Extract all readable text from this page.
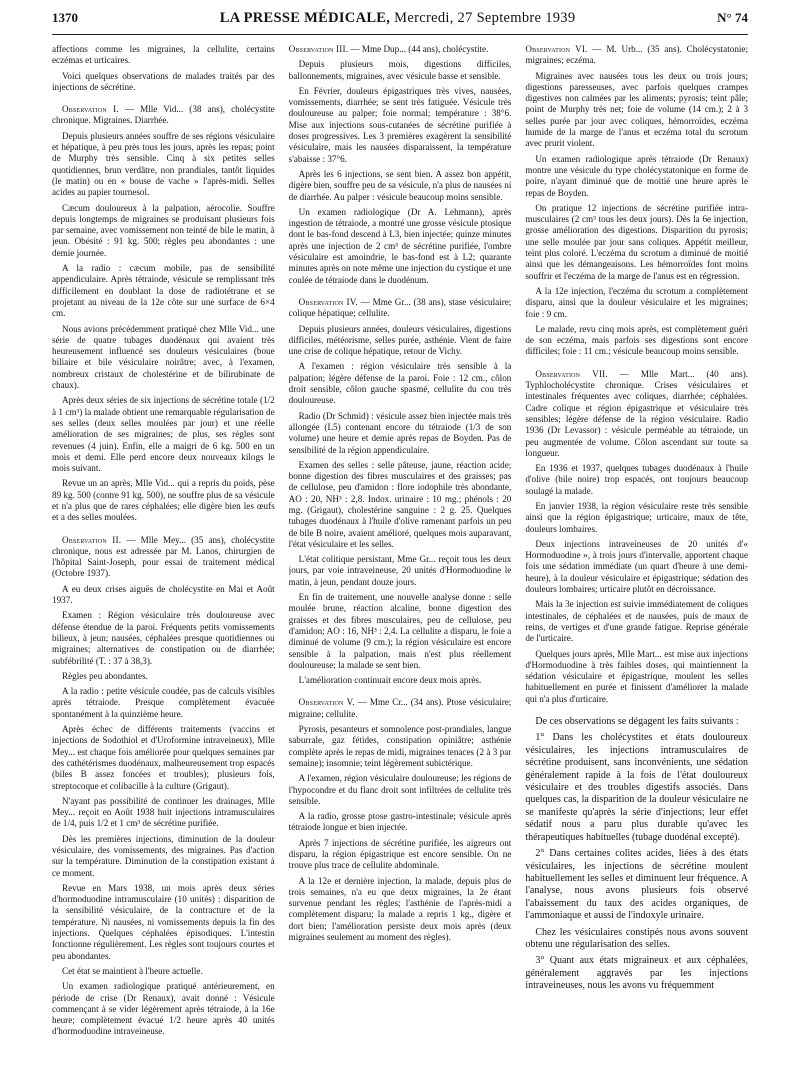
1370	LA PRESSE MÉDICALE, Mercredi, 27 Septembre 1939	N° 74

affections comme les migraines, la cellulite, certains eczémas et urticaires.

Voici quelques observations de malades traités par des injections de sécrétine.

Observation I. — Mlle Vid... (38 ans), cholécystite chronique. Migraines. Diarrhée.

Depuis plusieurs années souffre de ses régions vésiculaire et hépatique, à peu près tous les jours, après les repas; point de Murphy très sensible. Cinq à six petites selles quotidiennes, brun verdâtre, non prandiales, tantôt liquides (le matin) ou en « bouse de vache » l'après-midi. Selles acides au papier tournesol.

Cæcum douloureux à la palpation, aérocolie. Souffre depuis longtemps de migraines se produisant plusieurs fois par semaine, avec vomissement non teinté de bile le matin, à jeun. Obésité : 91 kg. 500; règles peu abondantes : une demie journée.

A la radio : cæcum mobile, pas de sensibilité appendiculaire. Après tétraiode, vésicule se remplissant très difficilement en doublant la dose de radiotétrane et se projetant au niveau de la 12e côte sur une surface de 6×4 cm.

Nous avions précédemment pratiqué chez Mlle Vid... une série de quatre tubages duodénaux qui avaient très heureusement influencé ses douleurs vésiculaires (boue biliaire et bile vésiculaire noirâtre; avec, à l'examen, nombreux cristaux de cholestérine et de bilirubinate de chaux).

Après deux séries de six injections de sécrétine totale (1/2 à 1 cm³) la malade obtient une remarquable régularisation de ses selles (deux selles moulées par jour) et une réelle amélioration de ses migraines; de plus, ses règles sont revenues (4 juin). Enfin, elle a maigri de 6 kg. 500 en un mois et demi. Elle perd encore deux nouveaux kilogs le mois suivant.

Revue un an après, Mlle Vid... qui a repris du poids, pèse 89 kg. 500 (contre 91 kg. 500), ne souffre plus de sa vésicule et n'a plus que de rares céphalées; elle digère bien les œufs et a des selles moulées.

Observation II. — Mlle Mey... (35 ans), cholécystite chronique, nous est adressée par M. Lanos, chirurgien de l'hôpital Saint-Joseph, pour essai de traitement médical (Octobre 1937).

A eu deux crises aiguës de cholécystite en Mai et Août 1937.

Examen : Région vésiculaire très douloureuse avec défense étendue de la paroi. Fréquents petits vomissements bilieux, à jeun; nausées, céphalées presque quotidiennes ou migraines; alternatives de constipation ou de diarrhée; subfébrilité (T. : 37 à 38,3).

Règles peu abondantes.

A la radio : petite vésicule coudée, pas de calculs visibles après tétraiode. Presque complètement évacuée spontanément à la quinzième heure.

Après échec de différents traitements (vaccins et injections de Sodothiol et d'Uroformine intraveineux), Mlle Mey... est chaque fois améliorée pour quelques semaines par des cathétérismes duodénaux, malheureusement trop espacés (biles B assez foncées et troubles); plusieurs fois, streptocoque et colibacille à la culture (Grigaut).

N'ayant pas possibilité de continuer les drainages, Mlle Mey... reçoit en Août 1938 huit injections intramusculaires de 1/4, puis 1/2 et 1 cm³ de sécrétine purifiée.

Dès les premières injections, diminution de la douleur vésiculaire, des vomissements, des migraines. Pas d'action sur la température. Diminution de la constipation existant à ce moment.

Revue en Mars 1938, un mois après deux séries d'hormoduodine intramusculaire (10 unités) : disparition de la sensibilité vésiculaire, de la contracture et de la température. Ni nausées, ni vomissements depuis la fin des injections. Quelques céphalées épisodiques. L'intestin fonctionne régulièrement. Les règles sont toujours courtes et peu abondantes.

Cet état se maintient à l'heure actuelle.

Un examen radiologique pratiqué antérieurement, en période de crise (Dr Renaux), avait donné : Vésicule commençant à se vider légèrement après tétraiode, à la 16e heure; complètement évacué 1/2 heure après 40 unités d'hormoduodine intraveineuse.

Observation III. — Mme Dup... (44 ans), cholécystite.

Depuis plusieurs mois, digestions difficiles, ballonnements, migraines, avec vésicule basse et sensible.

En Février, douleurs épigastriques très vives, nausées, vomissements, diarrhée; se sent très fatiguée. Vésicule très douloureuse au palper; foie normal; température : 38°6. Mise aux injections sous-cutanées de sécrétine purifiée à doses progressives. Les 3 premières exagèrent la sensibilité vésiculaire, mais les nausées disparaissent, la température s'abaisse : 37°6.

Après les 6 injections, se sent bien. A assez bon appétit, digère bien, souffre peu de sa vésicule, n'a plus de nausées ni de diarrhée. Au palper : vésicule beaucoup moins sensible.

Un examen radiologique (Dr A. Lehmann), après ingestion de tétraiode, a montré une grosse vésicule ptosique dont le bas-fond descend à L3, bien injectée; quinze minutes après une injection de 2 cm³ de sécrétine purifiée, l'ombre vésiculaire est amoindrie, le bas-fond est à L2; quarante minutes après on note même une injection du cystique et une coulée de tétraiode dans le duodénum.

Observation IV. — Mme Gr... (38 ans), stase vésiculaire; colique hépatique; cellulite.

Depuis plusieurs années, douleurs vésiculaires, digestions difficiles, météorisme, selles purée, asthénie. Vient de faire une crise de colique hépatique, retour de Vichy.

A l'examen : région vésiculaire très sensible à la palpation; légère défense de la paroi. Foie : 12 cm., côlon droit sensible, côlon gauche spasmé, cellulite du cou très douloureuse.

Radio (Dr Schmid) : vésicule assez bien injectée mais très allongée (L5) contenant encore du tétraiode (1/3 de son volume) une heure et demie après repas de Boyden. Pas de sensibilité de la région appendiculaire.

Examen des selles : selle pâteuse, jaune, réaction acide; bonne digestion des fibres musculaires et des graisses; pas de cellulose, peu d'amidon : flore iodophile très abondante, AO : 20, NH³ : 2,8. Indox. urinaire : 10 mg.; phénols : 20 mg. (Grigaut), cholestérine sanguine : 2 g. 25. Quelques tubages duodénaux à l'huile d'olive ramenant parfois un peu de bile B noire, avaient amélioré, quelques mois auparavant, l'état vésiculaire et les selles.

L'état colitique persistant, Mme Gr... reçoit tous les deux jours, par voie intraveineuse, 20 unités d'Hormoduodine le matin, à jeun, pendant douze jours.

En fin de traitement, une nouvelle analyse donne : selle moulée brune, réaction alcaline, bonne digestion des graisses et des fibres musculaires, peu de cellulose, peu d'amidon; AO : 16, NH³ : 2,4. La cellulite a disparu, le foie a diminué de volume (9 cm.); la région vésiculaire est encore sensible à la palpation, mais n'est plus réellement douloureuse; la malade se sent bien.

L'amélioration continuait encore deux mois après.

Observation V. — Mme Cr... (34 ans). Ptose vésiculaire; migraine; cellulite.

Pyrosis, pesanteurs et somnolence post-prandiales, langue saburrale, gaz fétides, constipation opiniâtre; asthénie complète après le repas de midi, migraines tenaces (2 à 3 par semaine); insomnie; teint légèrement subictérique.

A l'examen, région vésiculaire douloureuse; les régions de l'hypocondre et du flanc droit sont infiltrées de cellulite très sensible.

A la radio, grosse ptose gastro-intestinale; vésicule après tétraiode longue et bien injectée.

Après 7 injections de sécrétine purifiée, les aigreurs ont disparu, la région épigastrique est encore sensible. On ne trouve plus trace de cellulite abdominale.

A la 12e et dernière injection, la malade, depuis plus de trois semaines, n'a eu que deux migraines, la 2e étant survenue pendant les règles; l'asthénie de l'après-midi a complètement disparu; la malade a repris 1 kg., digère et dort bien; l'amélioration persiste deux mois après (deux migraines seulement au moment des règles).

Observation VI. — M. Urb... (35 ans). Cholécystatonie; migraines; eczéma.

Migraines avec nausées tous les deux ou trois jours; digestions paresseuses, avec parfois quelques crampes digestives non calmées par les aliments; pyrosis; teint pâle; point de Murphy très net; foie de volume (14 cm.); 2 à 3 selles purée par jour avec coliques, hémorroïdes, eczéma humide de la marge de l'anus et eczéma total du scrotum avec prurit violent.

Un examen radiologique après tétraiode (Dr Renaux) montre une vésicule du type cholécystatonique en forme de poire, n'ayant diminué que de moitié une heure après le repas de Boyden.

On pratique 12 injections de sécrétine purifiée intra-musculaires (2 cm³ tous les deux jours). Dès la 6e injection, grosse amélioration des digestions. Disparition du pyrosis; une selle moulée par jour sans coliques. Appétit meilleur, teint plus coloré. L'eczéma du scrotum a diminué de moitié ainsi que les démangeaisons. Les hémorroïdes font moins souffrir et l'eczéma de la marge de l'anus est en régression.

A la 12e injection, l'eczéma du scrotum a complètement disparu, ainsi que la douleur vésiculaire et les migraines; foie : 9 cm.

Le malade, revu cinq mois après, est complètement guéri de son eczéma, mais parfois ses digestions sont encore difficiles; foie : 11 cm.; vésicule beaucoup moins sensible.

Observation VII. — Mlle Mart... (40 ans). Typhlocholécystite chronique. Crises vésiculaires et intestinales fréquentes avec coliques, diarrhée; céphalées. Cadre colique et région épigastrique et vésiculaire très sensibles; légère défense de la région vésiculaire. Radio 1936 (Dr Levassor) : vésicule perméable au tétraiode, un peu augmentée de volume. Côlon ascendant sur toute sa longueur.

En 1936 et 1937, quelques tubages duodénaux à l'huile d'olive (bile noire) trop espacés, ont toujours beaucoup soulagé la malade.

En janvier 1938, la région vésiculaire reste très sensible ainsi que la région épigastrique; urticaire, maux de tête, douleurs lombaires.

Deux injections intraveineuses de 20 unités d'« Hormoduodine », à trois jours d'intervalle, apportent chaque fois une sédation immédiate (un quart d'heure à une demi-heure), à la douleur vésiculaire et épigastrique; sédation des douleurs lombaires; urticaire plutôt en décroissance.

Mais la 3e injection est suivie immédiatement de coliques intestinales, de céphalées et de nausées, puis de maux de reins, de vertiges et d'une grande fatigue. Reprise générale de l'urticaire.

Quelques jours après, Mlle Mart... est mise aux injections d'Hormoduodine à très faibles doses, qui maintiennent la sédation vésiculaire et épigastrique, moulent les selles habituellement en purée et finissent d'améliorer la malade qui n'a plus d'urticaire.

De ces observations se dégagent les faits suivants :

1° Dans les cholécystites et états douloureux vésiculaires, les injections intramusculaires de sécrétine produisent, sans inconvénients, une sédation généralement rapide à la fois de l'état douloureux vésiculaire et des troubles digestifs associés. Dans quelques cas, la disparition de la douleur vésiculaire ne se manifeste qu'après la série d'injections; leur effet sédatif nous a paru plus durable qu'avec les thérapeutiques habituelles (tubage duodénal excepté).

2° Dans certaines colites acides, liées à des états vésiculaires, les injections de sécrétine moulent habituellement les selles et diminuent leur fréquence. A l'analyse, nous avons plusieurs fois observé l'abaissement du taux des acides organiques, de l'ammoniaque et aussi de l'indoxyle urinaire.

Chez les vésiculaires constipés nous avons souvent obtenu une régularisation des selles.

3° Quant aux états migraineux et aux céphalées, généralement aggravés par les injections intraveineuses, nous les avons vu fréquemment
